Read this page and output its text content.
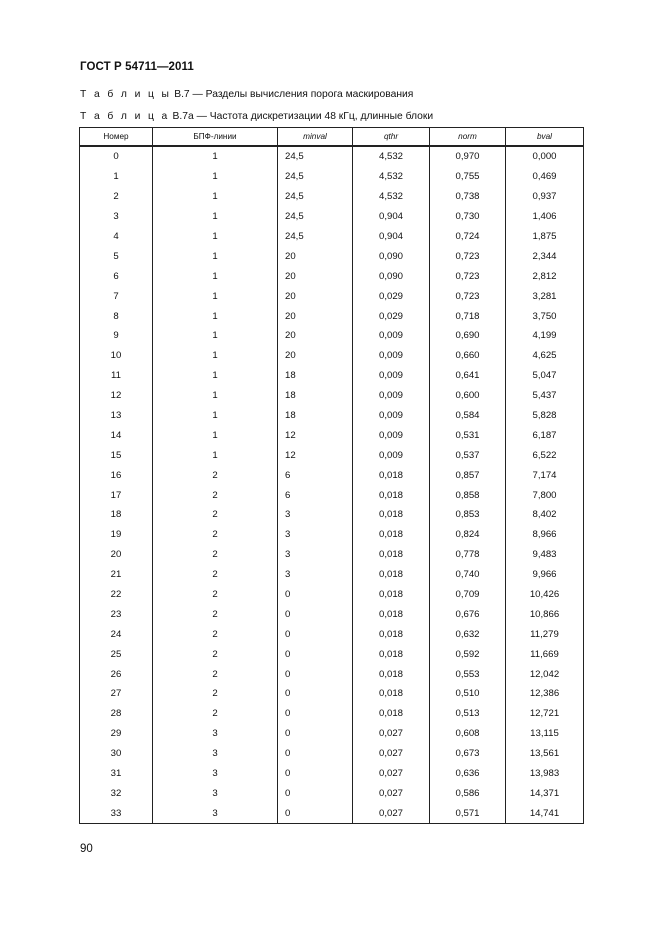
ГОСТ Р 54711—2011
Т а б л и ц ы В.7 — Разделы вычисления порога маскирования
Т а б л и ц а В.7а — Частота дискретизации 48 кГц, длинные блоки
Номер	БПФ-линии	minval	qthr	norm	bval
0	1	24,5	4,532	0,970	0,000
1	1	24,5	4,532	0,755	0,469
2	1	24,5	4,532	0,738	0,937
3	1	24,5	0,904	0,730	1,406
4	1	24,5	0,904	0,724	1,875
5	1	20	0,090	0,723	2,344
6	1	20	0,090	0,723	2,812
7	1	20	0,029	0,723	3,281
8	1	20	0,029	0,718	3,750
9	1	20	0,009	0,690	4,199
10	1	20	0,009	0,660	4,625
11	1	18	0,009	0,641	5,047
12	1	18	0,009	0,600	5,437
13	1	18	0,009	0,584	5,828
14	1	12	0,009	0,531	6,187
15	1	12	0,009	0,537	6,522
16	2	6	0,018	0,857	7,174
17	2	6	0,018	0,858	7,800
18	2	3	0,018	0,853	8,402
19	2	3	0,018	0,824	8,966
20	2	3	0,018	0,778	9,483
21	2	3	0,018	0,740	9,966
22	2	0	0,018	0,709	10,426
23	2	0	0,018	0,676	10,866
24	2	0	0,018	0,632	11,279
25	2	0	0,018	0,592	11,669
26	2	0	0,018	0,553	12,042
27	2	0	0,018	0,510	12,386
28	2	0	0,018	0,513	12,721
29	3	0	0,027	0,608	13,115
30	3	0	0,027	0,673	13,561
31	3	0	0,027	0,636	13,983
32	3	0	0,027	0,586	14,371
33	3	0	0,027	0,571	14,741
90
